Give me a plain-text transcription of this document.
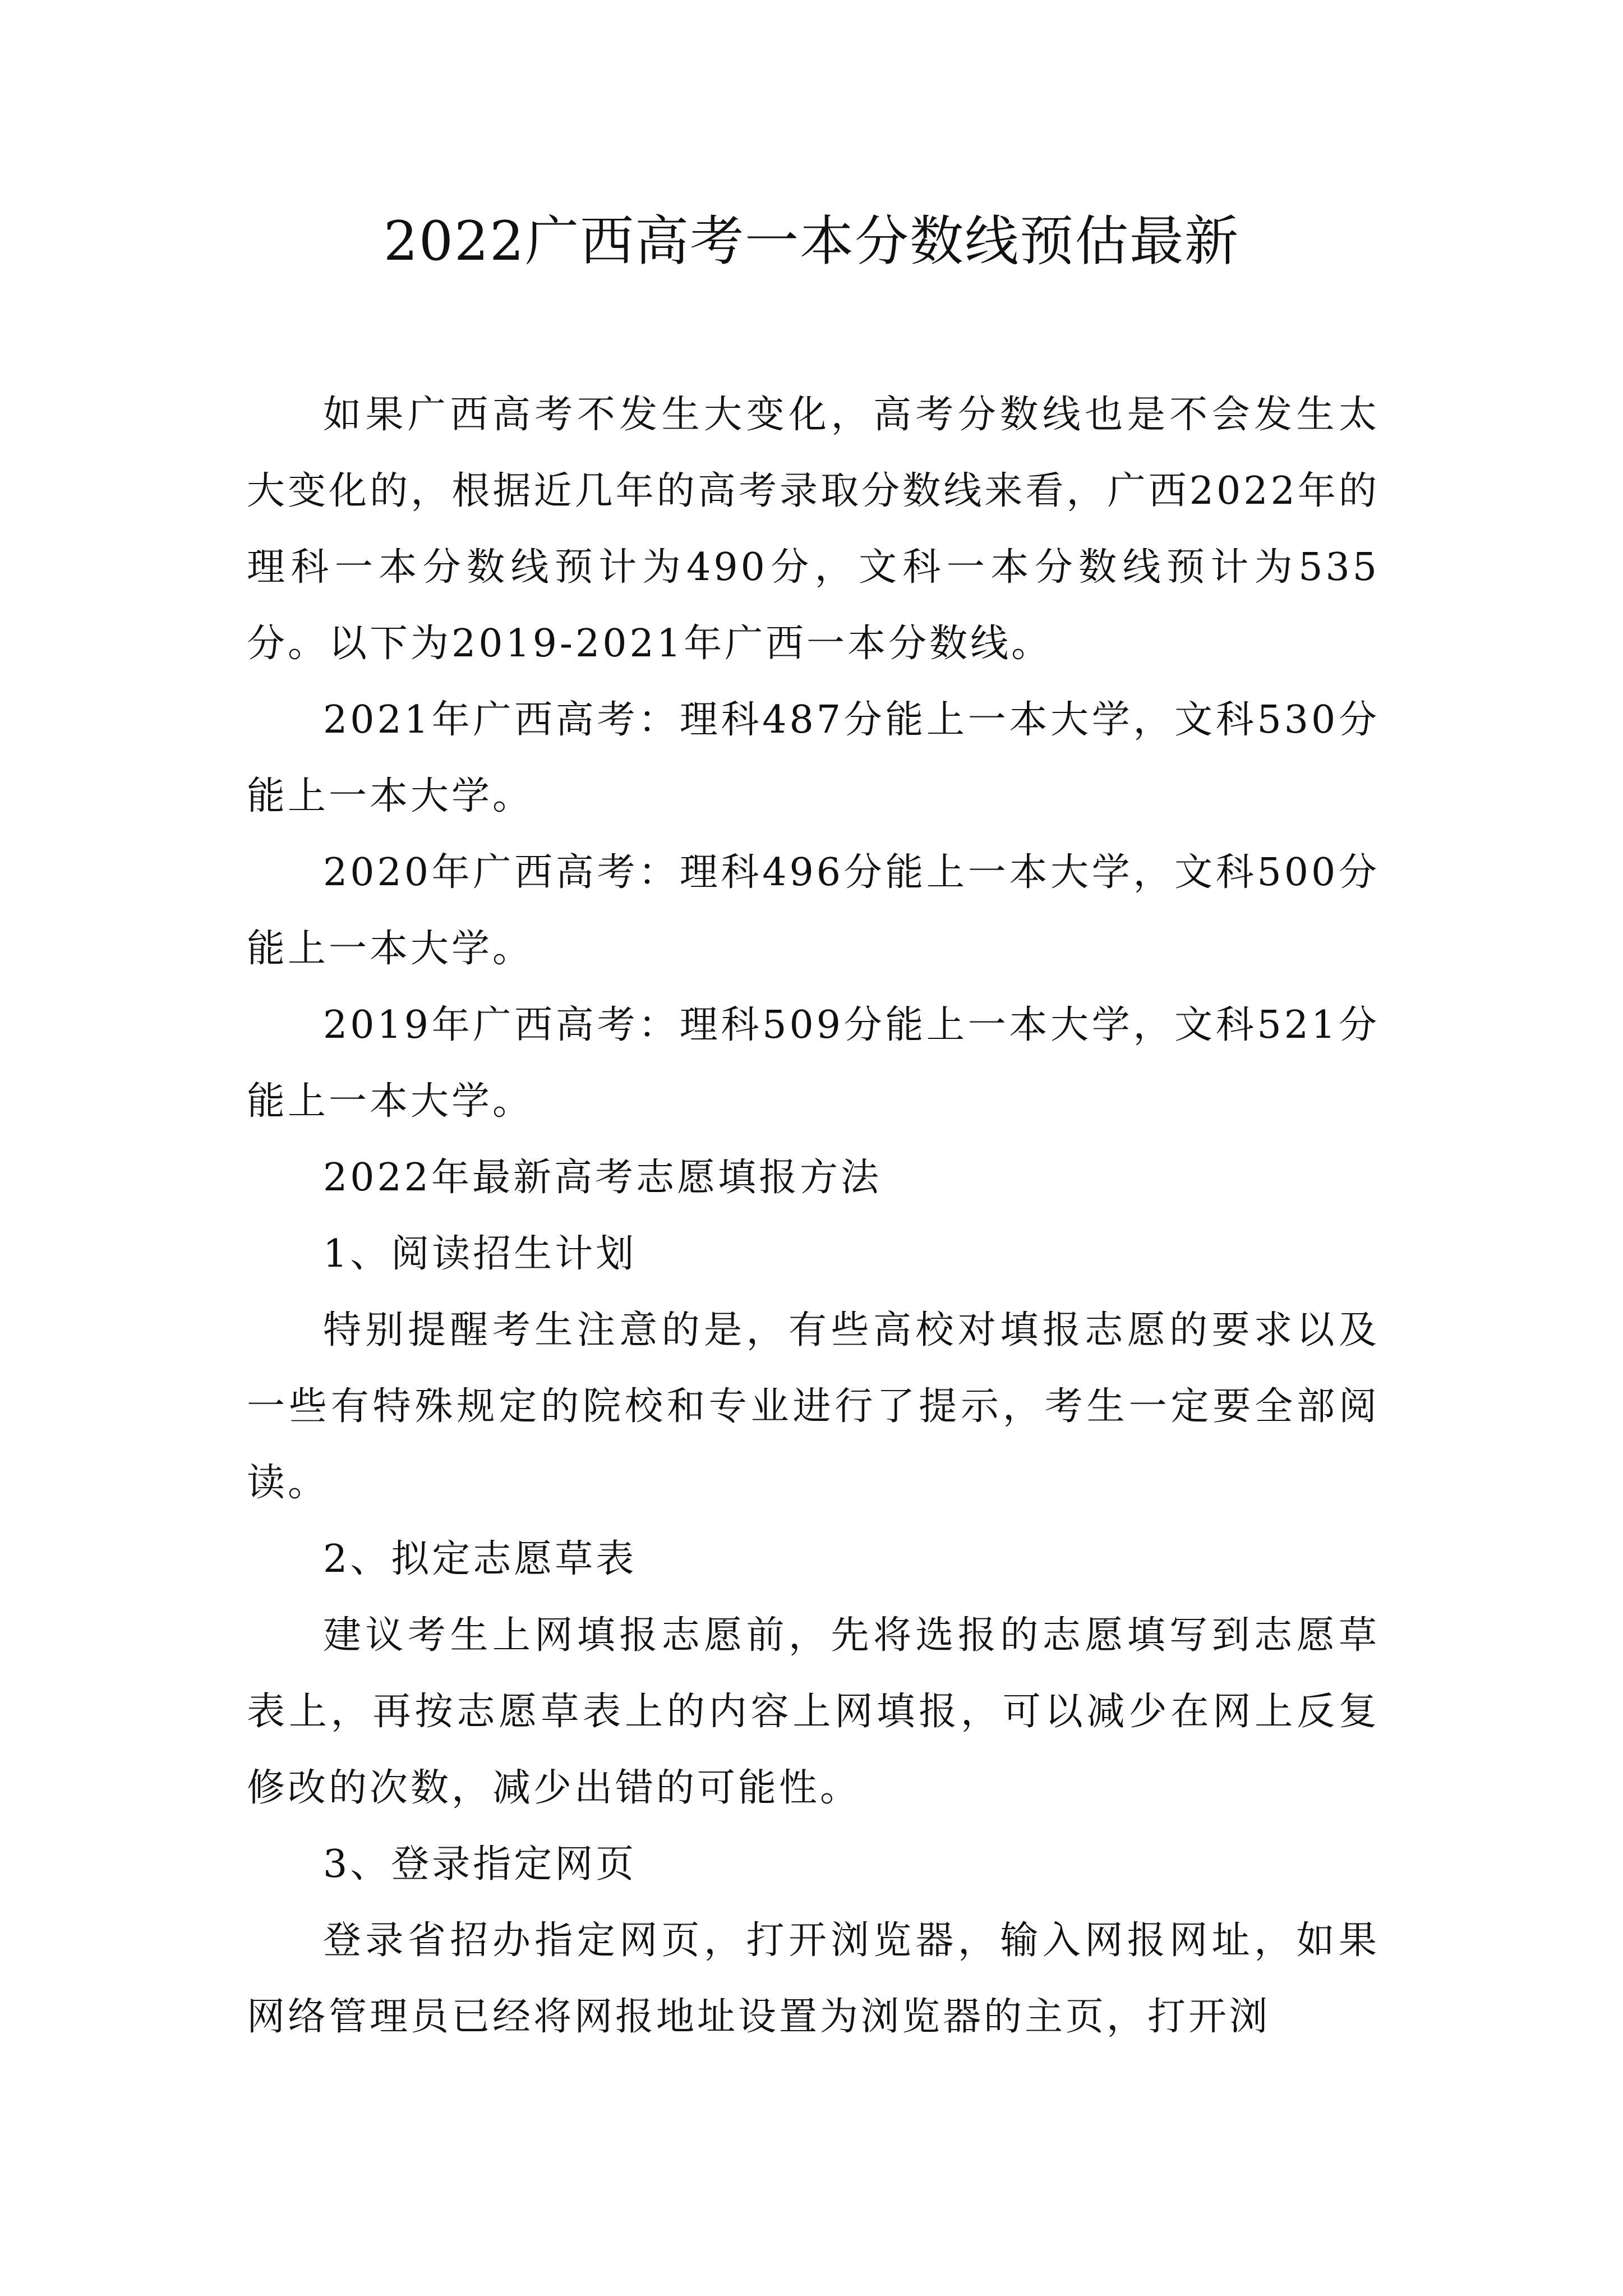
2022广西高考一本分数线预估最新

如果广西高考不发生大变化，高考分数线也是不会发生太大变化的，根据近几年的高考录取分数线来看，广西2022年的理科一本分数线预计为490分，文科一本分数线预计为535分。以下为2019-2021年广西一本分数线。

2021年广西高考：理科487分能上一本大学，文科530分能上一本大学。

2020年广西高考：理科496分能上一本大学，文科500分能上一本大学。

2019年广西高考：理科509分能上一本大学，文科521分能上一本大学。

2022年最新高考志愿填报方法

1、阅读招生计划

特别提醒考生注意的是，有些高校对填报志愿的要求以及一些有特殊规定的院校和专业进行了提示，考生一定要全部阅读。

2、拟定志愿草表

建议考生上网填报志愿前，先将选报的志愿填写到志愿草表上，再按志愿草表上的内容上网填报，可以减少在网上反复修改的次数，减少出错的可能性。

3、登录指定网页

登录省招办指定网页，打开浏览器，输入网报网址，如果网络管理员已经将网报地址设置为浏览器的主页，打开浏
